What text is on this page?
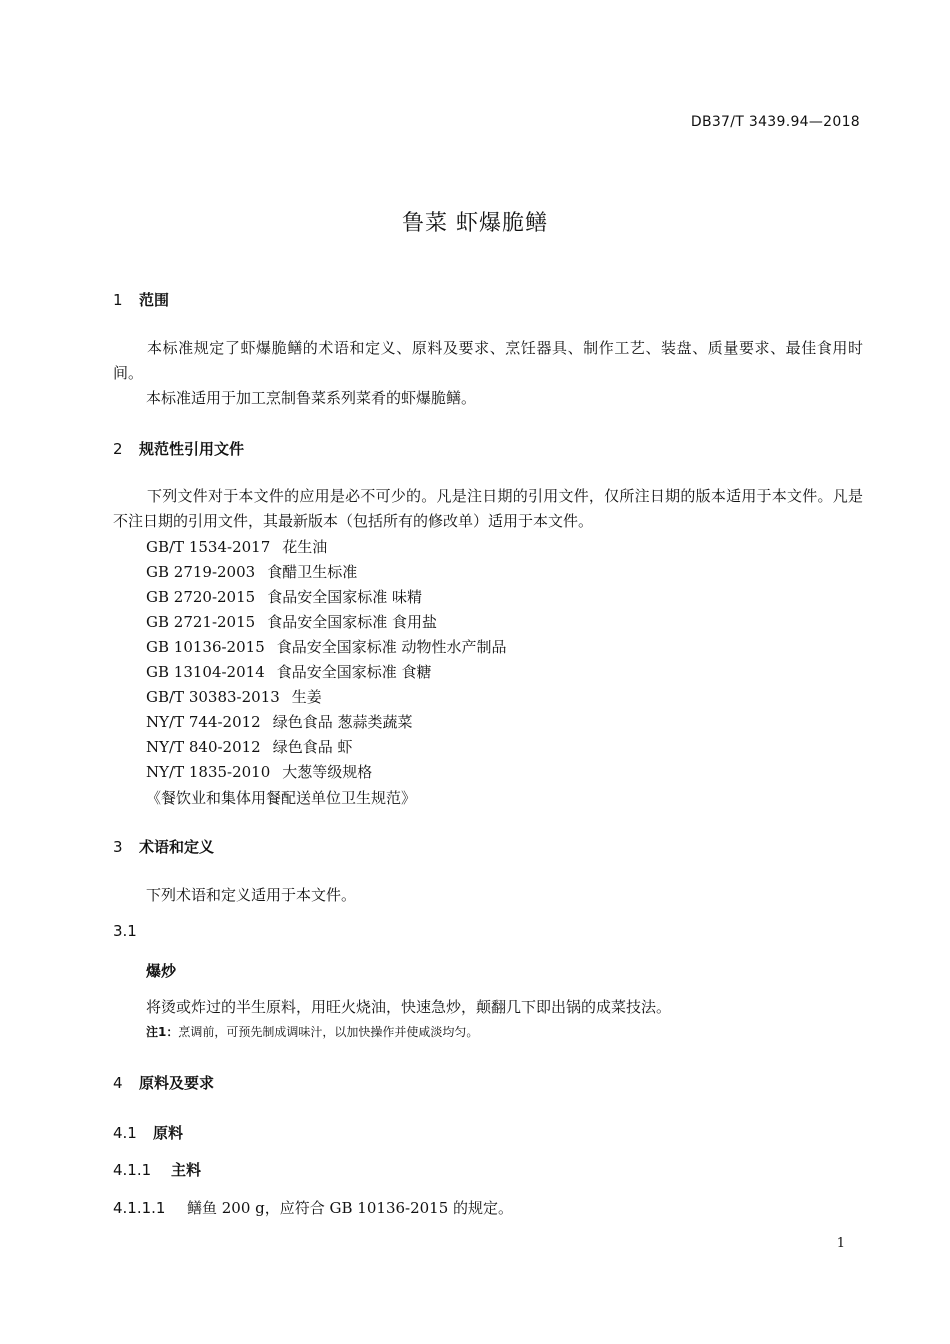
DB37/T 3439.94—2018
鲁菜 虾爆脆鳝
1 范围
本标准规定了虾爆脆鳝的术语和定义、原料及要求、烹饪器具、制作工艺、装盘、质量要求、最佳食用时间。
本标准适用于加工烹制鲁菜系列菜肴的虾爆脆鳝。
2 规范性引用文件
下列文件对于本文件的应用是必不可少的。凡是注日期的引用文件，仅所注日期的版本适用于本文件。凡是不注日期的引用文件，其最新版本（包括所有的修改单）适用于本文件。
GB/T 1534-2017 花生油
GB 2719-2003 食醋卫生标准
GB 2720-2015 食品安全国家标准 味精
GB 2721-2015 食品安全国家标准 食用盐
GB 10136-2015 食品安全国家标准 动物性水产制品
GB 13104-2014 食品安全国家标准 食糖
GB/T 30383-2013 生姜
NY/T 744-2012 绿色食品 葱蒜类蔬菜
NY/T 840-2012 绿色食品 虾
NY/T 1835-2010 大葱等级规格
《餐饮业和集体用餐配送单位卫生规范》
3 术语和定义
下列术语和定义适用于本文件。
3.1
爆炒
将烫或炸过的半生原料，用旺火烧油，快速急炒，颠翻几下即出锅的成菜技法。
注1：烹调前，可预先制成调味汁，以加快操作并使咸淡均匀。
4 原料及要求
4.1 原料
4.1.1 主料
4.1.1.1 鳝鱼 200 g，应符合 GB 10136-2015 的规定。
1
